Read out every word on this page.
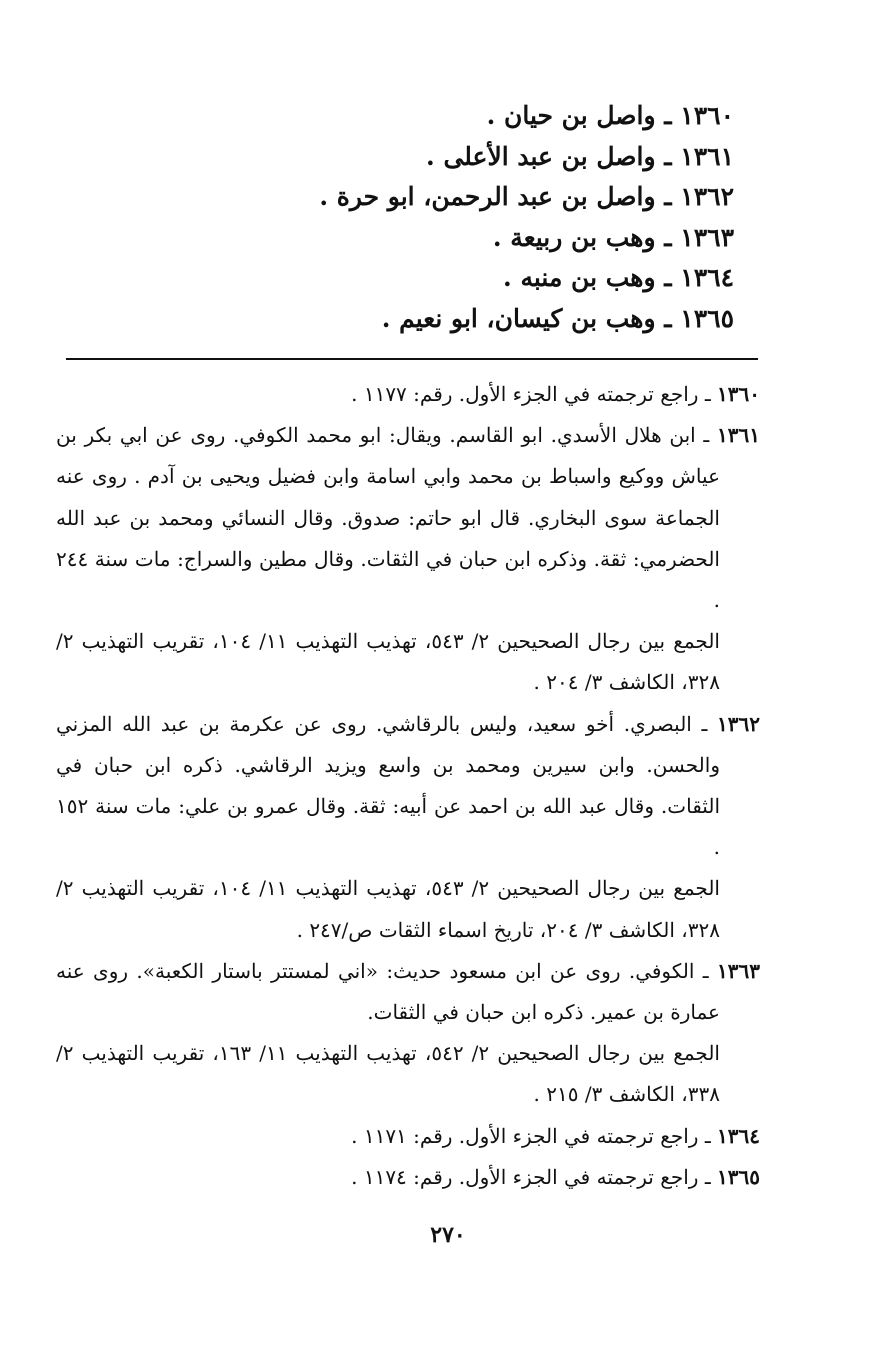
١٣٦٠ ـ واصل بن حيان .
١٣٦١ ـ واصل بن عبد الأعلى .
١٣٦٢ ـ واصل بن عبد الرحمن، ابو حرة .
١٣٦٣ ـ وهب بن ربيعة .
١٣٦٤ ـ وهب بن منبه .
١٣٦٥ ـ وهب بن كيسان، ابو نعيم .
١٣٦٠ ـ راجع ترجمته في الجزء الأول. رقم: ١١٧٧ .
١٣٦١ ـ ابن هلال الأسدي. ابو القاسم. ويقال: ابو محمد الكوفي. روى عن ابي بكر بن عياش ووكيع واسباط بن محمد وابي اسامة وابن فضيل ويحيى بن آدم . روى عنه الجماعة سوى البخاري. قال ابو حاتم: صدوق. وقال النسائي ومحمد بن عبد الله الحضرمي: ثقة. وذكره ابن حبان في الثقات. وقال مطين والسراج: مات سنة ٢٤٤ .
الجمع بين رجال الصحيحين ٢/ ٥٤٣، تهذيب التهذيب ١١/ ١٠٤، تقريب التهذيب ٢/ ٣٢٨، الكاشف ٣/ ٢٠٤ .
١٣٦٢ ـ البصري. أخو سعيد، وليس بالرقاشي. روى عن عكرمة بن عبد الله المزني والحسن. وابن سيرين ومحمد بن واسع ويزيد الرقاشي. ذكره ابن حبان في الثقات. وقال عبد الله بن احمد عن أبيه: ثقة. وقال عمرو بن علي: مات سنة ١٥٢ .
الجمع بين رجال الصحيحين ٢/ ٥٤٣، تهذيب التهذيب ١١/ ١٠٤، تقريب التهذيب ٢/ ٣٢٨، الكاشف ٣/ ٢٠٤، تاريخ اسماء الثقات ص/٢٤٧ .
١٣٦٣ ـ الكوفي. روى عن ابن مسعود حديث: «اني لمستتر باستار الكعبة». روى عنه عمارة بن عمير. ذكره ابن حبان في الثقات.
الجمع بين رجال الصحيحين ٢/ ٥٤٢، تهذيب التهذيب ١١/ ١٦٣، تقريب التهذيب ٢/ ٣٣٨، الكاشف ٣/ ٢١٥ .
١٣٦٤ ـ راجع ترجمته في الجزء الأول. رقم: ١١٧١ .
١٣٦٥ ـ راجع ترجمته في الجزء الأول. رقم: ١١٧٤ .
٢٧٠
